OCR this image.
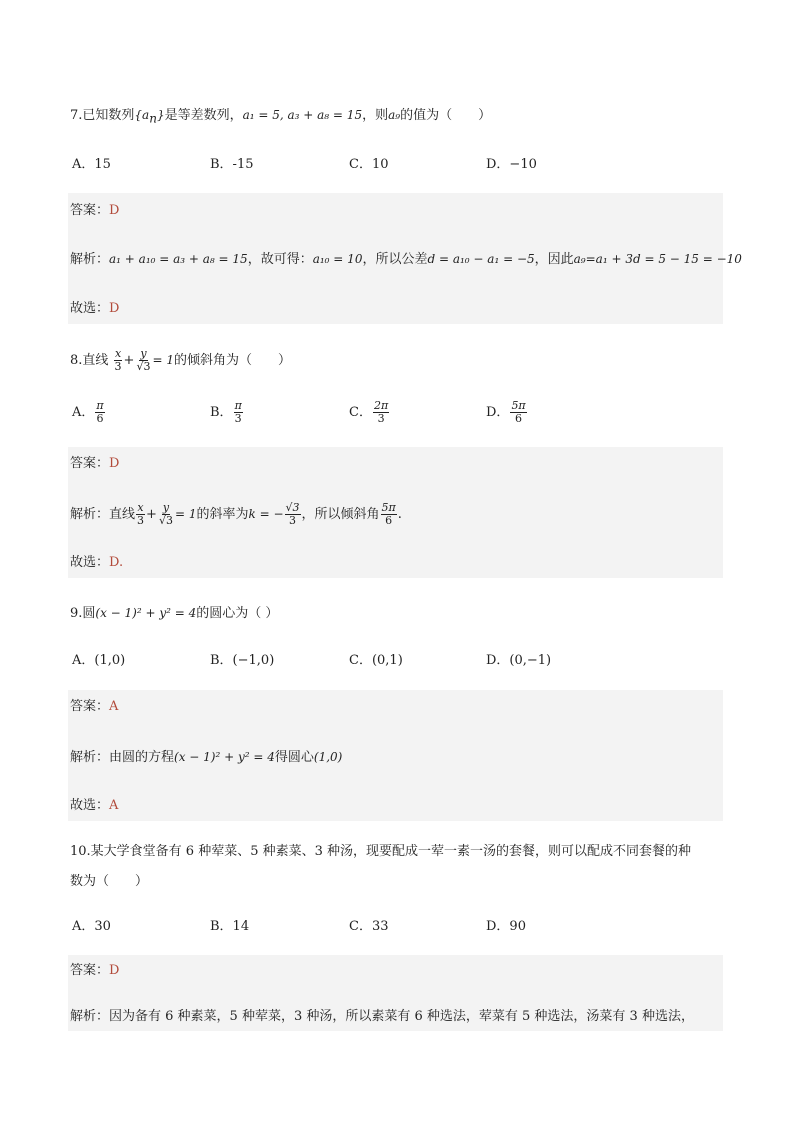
7.已知数列$\{a_n\}$是等差数列，a₁ = 5, a₃ + a₈ = 15，则a₉的值为（　　）
A．15	B．-15	C．10	D．−10
答案：D
解析：a₁ + a₁₀ = a₃ + a₈ = 15，故可得：a₁₀ = 10，所以公差d = a₁₀ − a₁ = −5，因此a₉=a₁ + 3d = 5 − 15 = −10
故选：D
8.直线 $\frac{x}{3} + \frac{y}{√3} = 1$的倾斜角为（　　）
A． $\frac{\pi}{6}$	B． $\frac{\pi}{3}$	C． $\frac{2\pi}{3}$	D． $\frac{5\pi}{6}$
答案：D
解析：直线 $\frac{x}{3} + \frac{y}{√3} = 1$的斜率为k = − $\frac{√3}{3}$ ，所以倾斜角 $\frac{5\pi}{6}$ .
故选：D.
9.圆(x − 1)² + y² = 4的圆心为（ ）
A．(1,0)	B．(−1,0)	C．(0,1)	D．(0,−1)
答案：A
解析：由圆的方程(x − 1)² + y² = 4得圆心(1,0)
故选：A
10.某大学食堂备有 6 种荤菜、5 种素菜、3 种汤，现要配成一荤一素一汤的套餐，则可以配成不同套餐的种
数为（　　）
A．30	B．14	C．33	D．90
答案：D
解析：因为备有 6 种素菜，5 种荤菜，3 种汤，所以素菜有 6 种选法，荤菜有 5 种选法，汤菜有 3 种选法，
